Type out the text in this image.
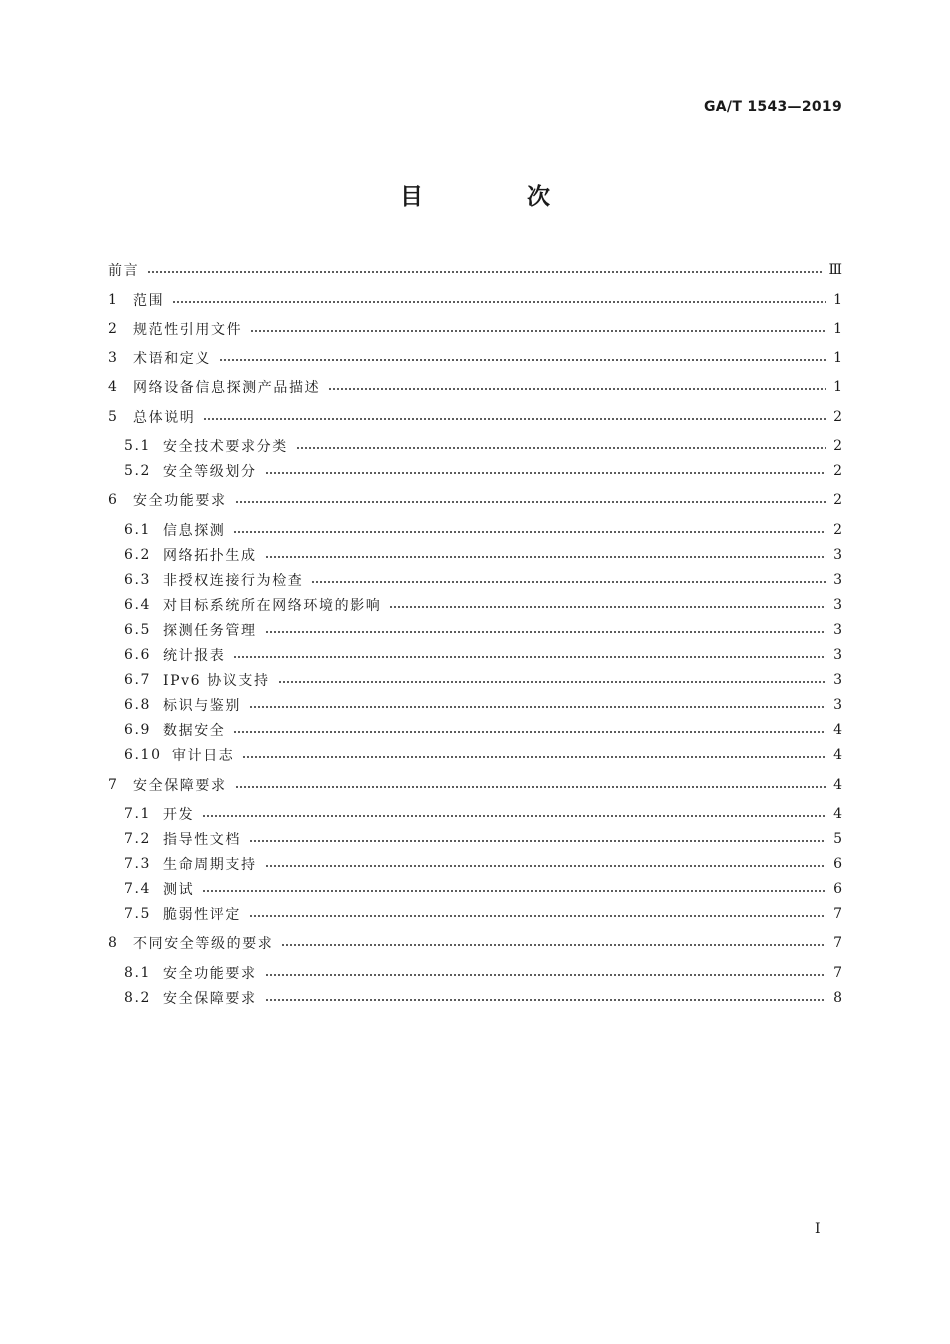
GA/T 1543—2019
目 次
前言	Ⅲ
1	范围	1
2	规范性引用文件	1
3	术语和定义	1
4	网络设备信息探测产品描述	1
5	总体说明	2
5.1 安全技术要求分类	2
5.2 安全等级划分	2
6	安全功能要求	2
6.1 信息探测	2
6.2 网络拓扑生成	3
6.3 非授权连接行为检查	3
6.4 对目标系统所在网络环境的影响	3
6.5 探测任务管理	3
6.6 统计报表	3
6.7 IPv6 协议支持	3
6.8 标识与鉴别	3
6.9 数据安全	4
6.10 审计日志	4
7	安全保障要求	4
7.1 开发	4
7.2 指导性文档	5
7.3 生命周期支持	6
7.4 测试	6
7.5 脆弱性评定	7
8	不同安全等级的要求	7
8.1 安全功能要求	7
8.2 安全保障要求	8
I
